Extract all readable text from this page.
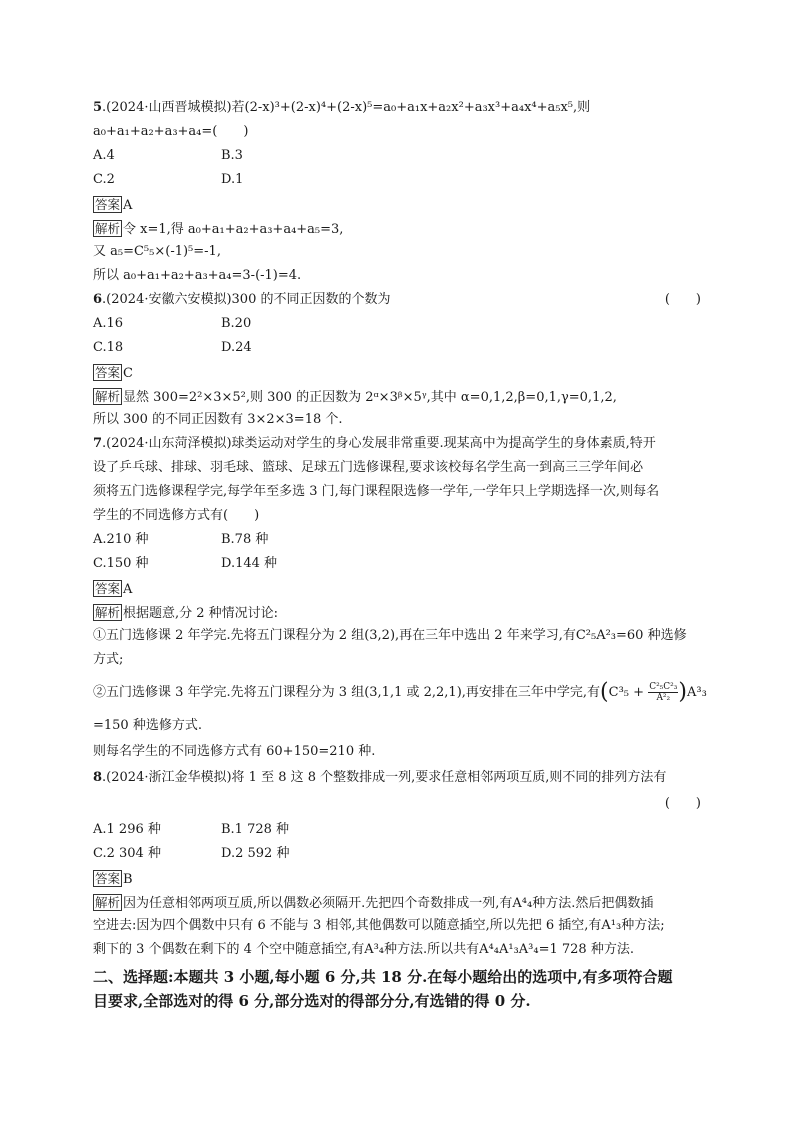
5.(2024·山西晋城模拟)若(2-x)³+(2-x)⁴+(2-x)⁵=a₀+a₁x+a₂x²+a₃x³+a₄x⁴+a₅x⁵,则
a₀+a₁+a₂+a₃+a₄=(　　)
A.4	B.3
C.2	D.1
答案 A
解析 令 x=1,得 a₀+a₁+a₂+a₃+a₄+a₅=3,
又 a₅=C⁵₅×(-1)⁵=-1,
所以 a₀+a₁+a₂+a₃+a₄=3-(-1)=4.
6.(2024·安徽六安模拟)300 的不同正因数的个数为	(　　)
A.16	B.20
C.18	D.24
答案 C
解析 显然 300=2²×3×5²,则 300 的正因数为 2ᵅ×3ᵝ×5ᵞ,其中 α=0,1,2,β=0,1,γ=0,1,2,
所以 300 的不同正因数有 3×2×3=18 个.
7.(2024·山东菏泽模拟)球类运动对学生的身心发展非常重要.现某高中为提高学生的身体素质,特开
设了乒乓球、排球、羽毛球、篮球、足球五门选修课程,要求该校每名学生高一到高三三学年间必
须将五门选修课程学完,每学年至多选 3 门,每门课程限选修一学年,一学年只上学期选择一次,则每名
学生的不同选修方式有(　　)
A.210 种	B.78 种
C.150 种	D.144 种
答案 A
解析 根据题意,分 2 种情况讨论:
①五门选修课 2 年学完.先将五门课程分为 2 组(3,2),再在三年中选出 2 年来学习,有C²₅A²₃=60 种选修
方式;
②五门选修课 3 年学完.先将五门课程分为 3 组(3,1,1 或 2,2,1),再安排在三年中学完,有$(C^3_5 + \frac{\text{C²₅C²₃}}{\text{A²₂}} )A^3_3$
=150 种选修方式.
则每名学生的不同选修方式有 60+150=210 种.
8.(2024·浙江金华模拟)将 1 至 8 这 8 个整数排成一列,要求任意相邻两项互质,则不同的排列方法有
(　　)
A.1 296 种	B.1 728 种
C.2 304 种	D.2 592 种
答案 B
解析 因为任意相邻两项互质,所以偶数必须隔开.先把四个奇数排成一列,有A⁴₄种方法.然后把偶数插
空进去:因为四个偶数中只有 6 不能与 3 相邻,其他偶数可以随意插空,所以先把 6 插空,有A¹₃种方法;
剩下的 3 个偶数在剩下的 4 个空中随意插空,有A³₄种方法.所以共有A⁴₄A¹₃A³₄=1 728 种方法.
二、选择题:本题共 3 小题,每小题 6 分,共 18 分.在每小题给出的选项中,有多项符合题
目要求,全部选对的得 6 分,部分选对的得部分分,有选错的得 0 分.
